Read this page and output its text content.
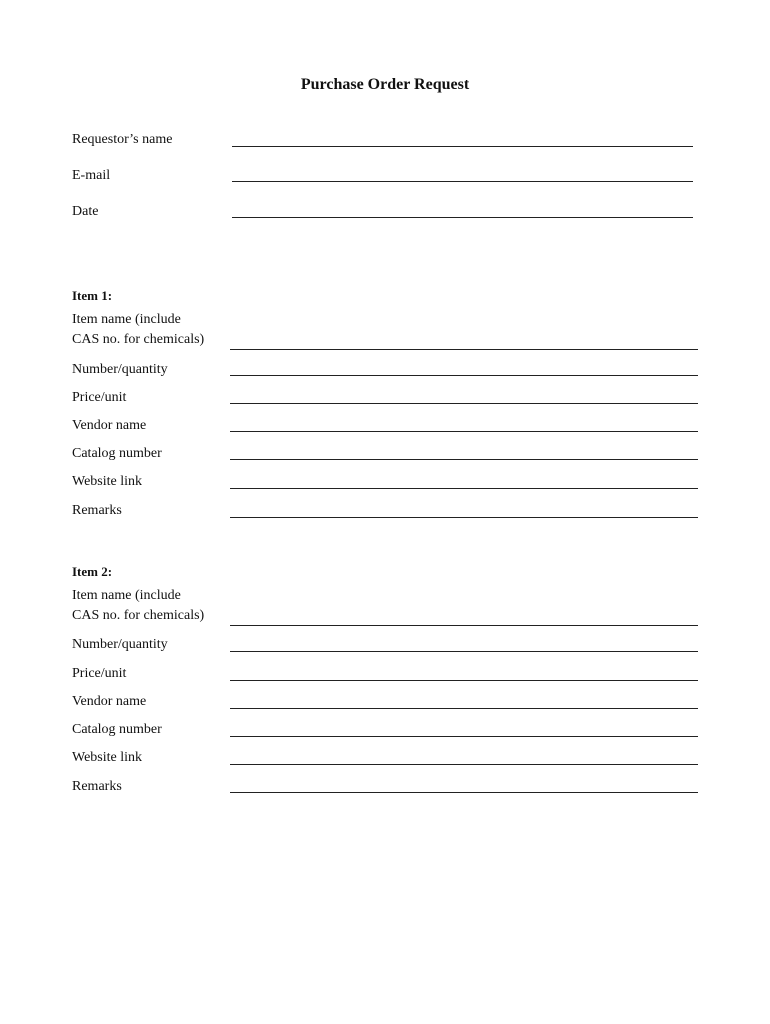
Purchase Order Request
Requestor’s name
E-mail
Date
Item 1:
Item name (include
CAS no. for chemicals)
Number/quantity
Price/unit
Vendor name
Catalog number
Website link
Remarks
Item 2:
Item name (include
CAS no. for chemicals)
Number/quantity
Price/unit
Vendor name
Catalog number
Website link
Remarks
